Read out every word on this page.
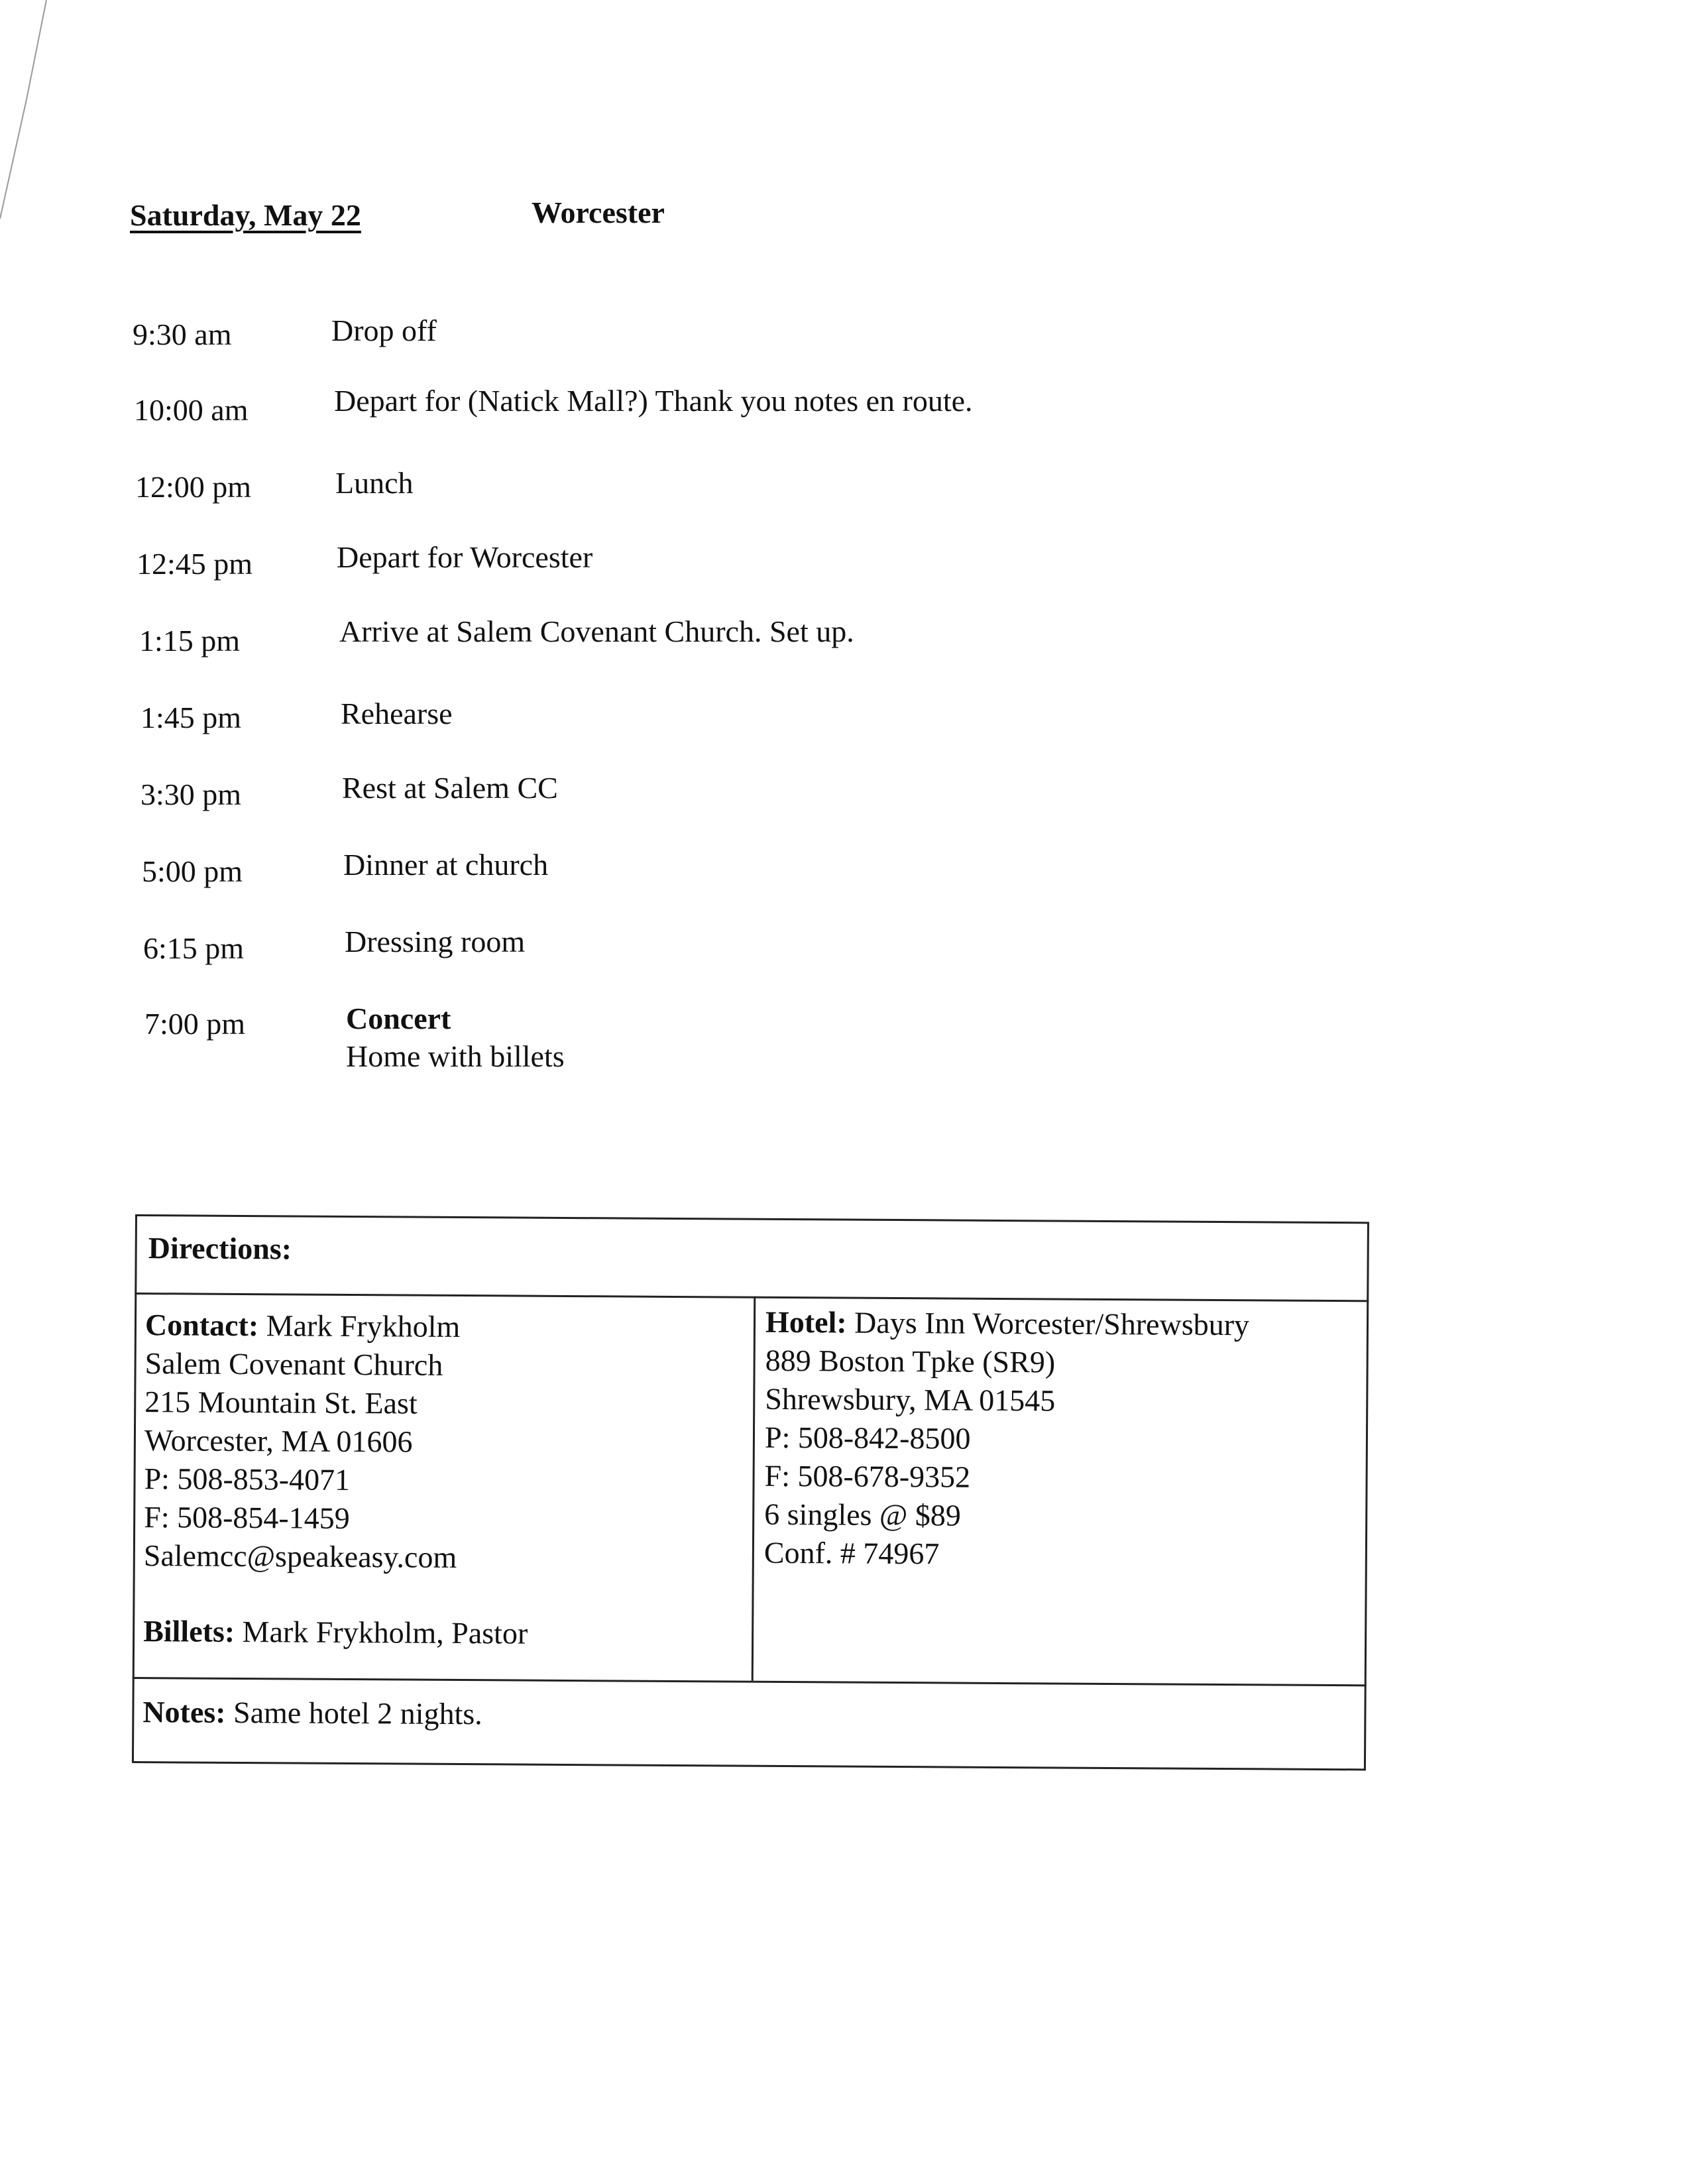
Saturday, May 22	Worcester
9:30 am	Drop off
10:00 am	Depart for (Natick Mall?) Thank you notes en route.
12:00 pm	Lunch
12:45 pm	Depart for Worcester
1:15 pm	Arrive at Salem Covenant Church. Set up.
1:45 pm	Rehearse
3:30 pm	Rest at Salem CC
5:00 pm	Dinner at church
6:15 pm	Dressing room
7:00 pm	Concert
Home with billets
Directions:
Contact: Mark Frykholm
Salem Covenant Church
215 Mountain St. East
Worcester, MA 01606
P: 508-853-4071
F: 508-854-1459
Salemcc@speakeasy.com
Billets: Mark Frykholm, Pastor
Hotel: Days Inn Worcester/Shrewsbury
889 Boston Tpke (SR9)
Shrewsbury, MA 01545
P: 508-842-8500
F: 508-678-9352
6 singles @ $89
Conf. # 74967
Notes: Same hotel 2 nights.
